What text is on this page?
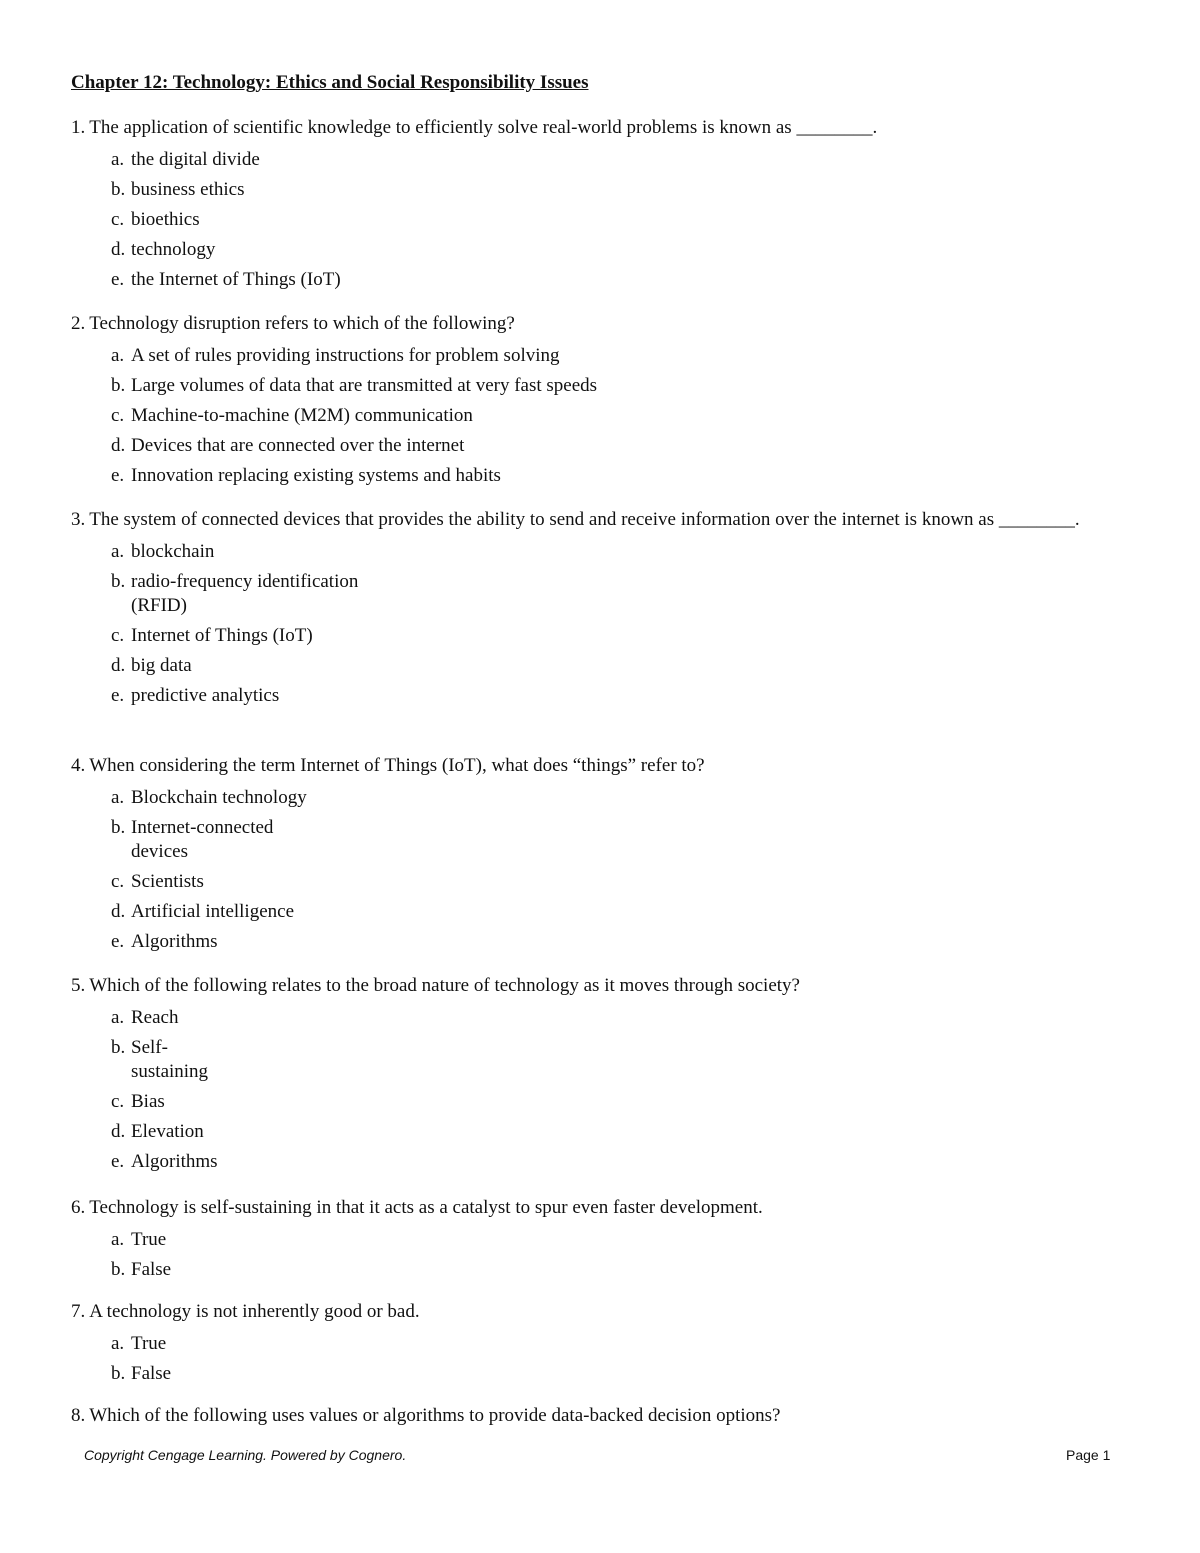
Chapter 12: Technology: Ethics and Social Responsibility Issues
1. The application of scientific knowledge to efficiently solve real-world problems is known as ________.
a. the digital divide
b. business ethics
c. bioethics
d. technology
e. the Internet of Things (IoT)
2. Technology disruption refers to which of the following?
a. A set of rules providing instructions for problem solving
b. Large volumes of data that are transmitted at very fast speeds
c. Machine-to-machine (M2M) communication
d. Devices that are connected over the internet
e. Innovation replacing existing systems and habits
3. The system of connected devices that provides the ability to send and receive information over the internet is known as ________.
a. blockchain
b. radio-frequency identification (RFID)
c. Internet of Things (IoT)
d. big data
e. predictive analytics
4. When considering the term Internet of Things (IoT), what does “things” refer to?
a. Blockchain technology
b. Internet-connected devices
c. Scientists
d. Artificial intelligence
e. Algorithms
5. Which of the following relates to the broad nature of technology as it moves through society?
a. Reach
b. Self- sustaining
c. Bias
d. Elevation
e. Algorithms
6. Technology is self-sustaining in that it acts as a catalyst to spur even faster development.
a. True
b. False
7. A technology is not inherently good or bad.
a. True
b. False
8. Which of the following uses values or algorithms to provide data-backed decision options?
Copyright Cengage Learning. Powered by Cognero.	Page 1
